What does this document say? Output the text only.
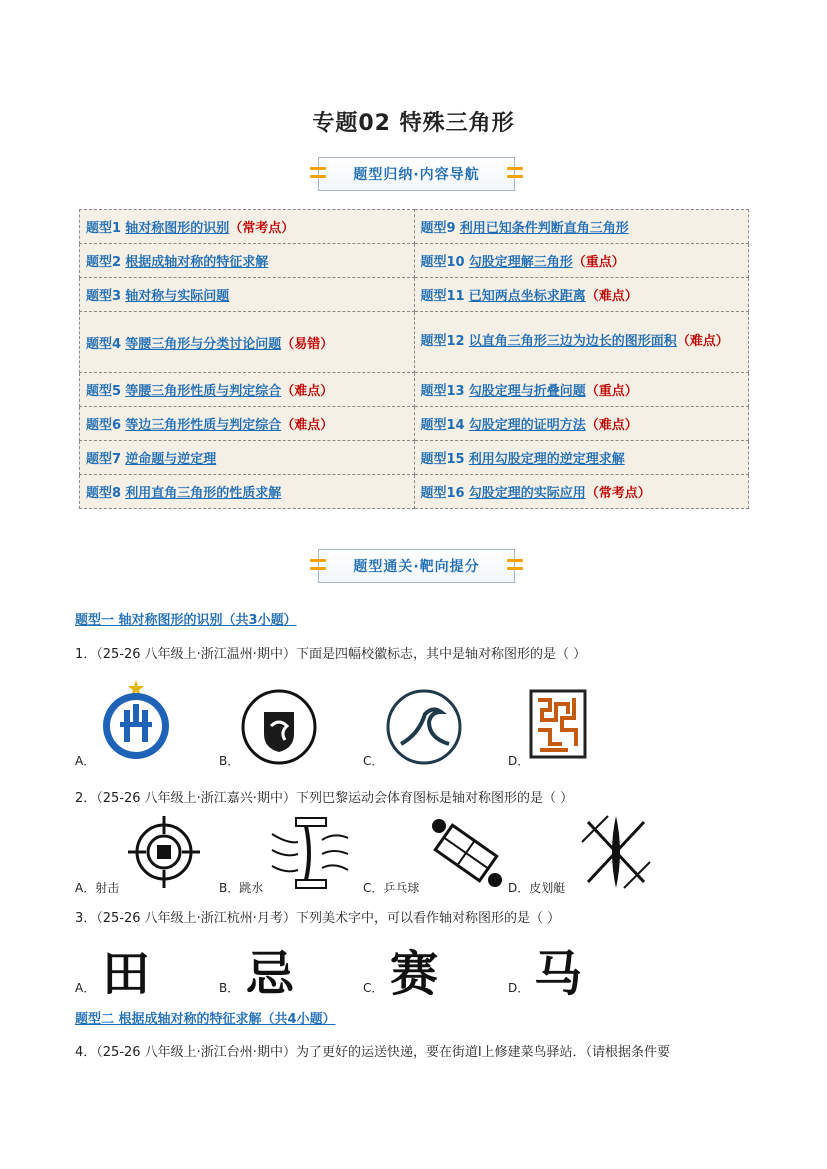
专题02 特殊三角形
题型归纳·内容导航
题型1 轴对称图形的识别（常考点）	题型9 利用已知条件判断直角三角形
题型2 根据成轴对称的特征求解	题型10 勾股定理解三角形（重点）
题型3 轴对称与实际问题	题型11 已知两点坐标求距离（难点）
题型4 等腰三角形与分类讨论问题（易错）	题型12 以直角三角形三边为边长的图形面积（难点）
题型5 等腰三角形性质与判定综合（难点）	题型13 勾股定理与折叠问题（重点）
题型6 等边三角形性质与判定综合（难点）	题型14 勾股定理的证明方法（难点）
题型7 逆命题与逆定理	题型15 利用勾股定理的逆定理求解
题型8 利用直角三角形的性质求解	题型16 勾股定理的实际应用（常考点）
题型通关·靶向提分
题型一 轴对称图形的识别（共3小题）
1．（25-26 八年级上·浙江温州·期中）下面是四幅校徽标志，其中是轴对称图形的是（ ）
A．	B．	C．	D．
2．（25-26 八年级上·浙江嘉兴·期中）下列巴黎运动会体育图标是轴对称图形的是（ ）
A．射击	B．跳水	C．乒乓球	D．皮划艇
3．（25-26 八年级上·浙江杭州·月考）下列美术字中，可以看作轴对称图形的是（ ）
A． 田	B． 忌	C． 赛	D． 马
题型二 根据成轴对称的特征求解（共4小题）
4．（25-26 八年级上·浙江台州·期中）为了更好的运送快递，要在街道l上修建菜鸟驿站．（请根据条件要
